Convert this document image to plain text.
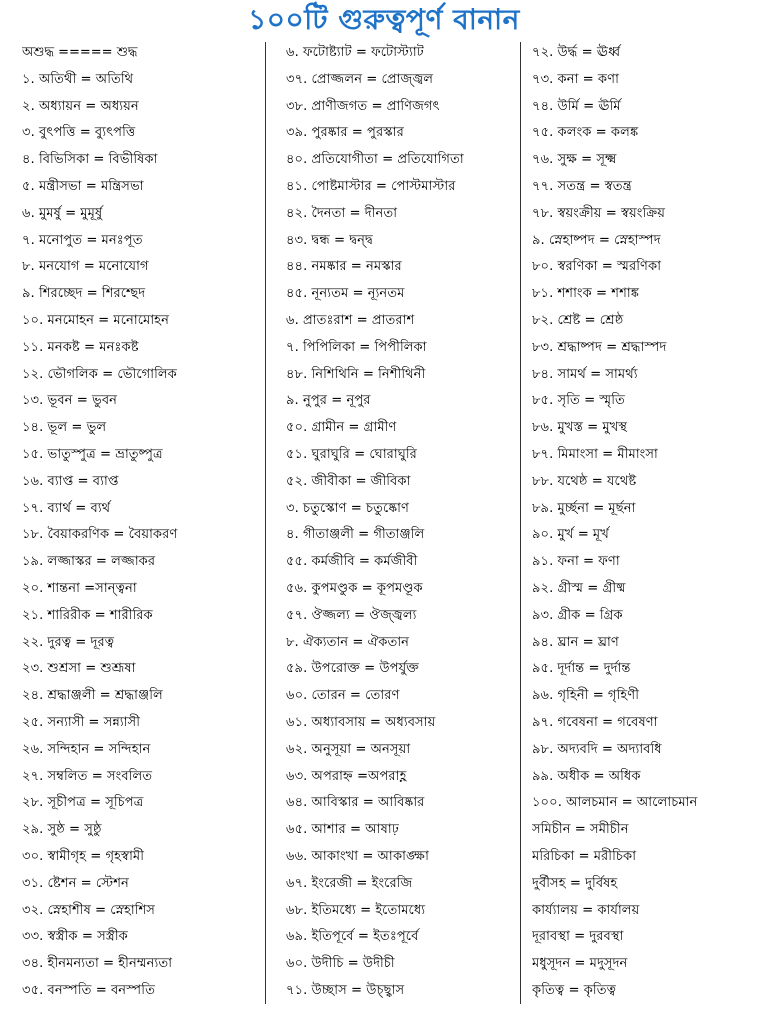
১০০টি গুরুত্বপূর্ণ বানান
অশুদ্ধ ===== শুদ্ধ
১. অতিথী = অতিথি
২. অধ্যায়ন = অধ্যয়ন
৩. বুৎপত্তি = ব্যুৎপত্তি
৪. বিভিসিকা = বিভীষিকা
৫. মন্ত্রীসভা = মন্ত্রিসভা
৬. মুমর্ষু = মুমূর্ষু
৭. মনোপুত = মনঃপূত
৮. মনযোগ = মনোযোগ
৯. শিরচ্ছেদ = শিরশ্ছেদ
১০. মনমোহন = মনোমোহন
১১. মনকষ্ট = মনঃকষ্ট
১২. ভৌগলিক = ভৌগোলিক
১৩. ভূবন = ভুবন
১৪. ভূল = ভুল
১৫. ভাতুস্পুত্র = ভ্রাতুষ্পুত্র
১৬. ব্যাপ্ত = ব্যাপ্ত
১৭. ব্যার্থ = ব্যর্থ
১৮. বৈয়াকরণিক = বৈয়াকরণ
১৯. লজ্জাস্কর = লজ্জাকর
২০. শান্তনা =সান্ত্বনা
২১. শারিরীক = শারীরিক
২২. দুরত্ব = দূরত্ব
২৩. শুশ্রসা = শুশ্রূষা
২৪. শ্রদ্ধাঞ্জলী = শ্রদ্ধাঞ্জলি
২৫. সন্যাসী = সন্ন্যাসী
২৬. সন্দিহান = সন্দিহান
২৭. সম্বলিত = সংবলিত
২৮. সূচীপত্র = সূচিপত্র
২৯. সুষ্ঠ = সুষ্ঠু
৩০. স্বামীগৃহ = গৃহস্বামী
৩১. ষ্টেশন = স্টেশন
৩২. স্নেহাশীষ = স্নেহাশিস
৩৩. স্বস্ত্রীক = সস্ত্রীক
৩৪. হীনমন্যতা = হীনম্মন্যতা
৩৫. বনস্পতি = বনস্পতি
৬. ফটোষ্ট্যাট = ফটোস্ট্যাট
৩৭. প্রোজ্জলন = প্রোজ্জ্বল
৩৮. প্রাণীজগত = প্রাণিজগৎ
৩৯. পুরষ্কার = পুরস্কার
৪০. প্রতিযোগীতা = প্রতিযোগিতা
৪১. পোষ্টমাস্টার = পোস্টমাস্টার
৪২. দৈনতা = দীনতা
৪৩. দ্বন্ধ = দ্বন্দ্ব
৪৪. নমষ্কার = নমস্কার
৪৫. নূন্যতম = ন্যূনতম
৬. প্রাতঃরাশ = প্রাতরাশ
৭. পিপিলিকা = পিপীলিকা
৪৮. নিশিথিনি = নিশীথিনী
৯. নুপুর = নূপুর
৫০. গ্রামীন = গ্রামীণ
৫১. ঘুরাঘুরি = ঘোরাঘুরি
৫২. জীবীকা = জীবিকা
৩. চতুস্কোণ = চতুষ্কোণ
৪. গীতাঞ্জলী = গীতাঞ্জলি
৫৫. কর্মজীবি = কর্মজীবী
৫৬. কুপমণ্ডুক = কূপমণ্ডূক
৫৭. ঔজ্জল্য = ঔজ্জ্বল্য
৮. ঐক্যতান = ঐকতান
৫৯. উপরোক্ত = উপর্যুক্ত
৬০. তোরন = তোরণ
৬১. অধ্যাবসায় = অধ্যবসায়
৬২. অনুসূয়া = অনসূয়া
৬৩. অপরাহ্ন =অপরাহ্ণ
৬৪. আবিস্কার = আবিষ্কার
৬৫. আশার = আষাঢ়
৬৬. আকাংখা = আকাঙ্ক্ষা
৬৭. ইংরেজী = ইংরেজি
৬৮. ইতিমধ্যে = ইতোমধ্যে
৬৯. ইতিপূর্বে = ইতঃপূর্বে
৬০. উদীচি = উদীচী
৭১. উচ্ছাস = উচ্ছ্বাস
৭২. উর্দ্ধ = ঊর্ধ্ব
৭৩. কনা = কণা
৭৪. উর্মি = ঊর্মি
৭৫. কলংক = কলঙ্ক
৭৬. সুক্ষ = সূক্ষ্ম
৭৭. সতন্ত্র = স্বতন্ত্র
৭৮. স্বয়ংক্রীয় = স্বয়ংক্রিয়
৯. স্নেহাষ্পদ = স্নেহাস্পদ
৮০. স্বরণিকা = স্মরণিকা
৮১. শশাংক = শশাঙ্ক
৮২. শ্রেষ্ট = শ্রেষ্ঠ
৮৩. শ্রদ্ধাষ্পদ = শ্রদ্ধাস্পদ
৮৪. সামর্থ = সামর্থ্য
৮৫. সৃতি = স্মৃতি
৮৬. মুখস্ত = মুখস্থ
৮৭. মিমাংসা = মীমাংসা
৮৮. যথেষ্ঠ = যথেষ্ট
৮৯. মুর্চ্ছনা = মূর্ছনা
৯০. মুর্খ = মূর্খ
৯১. ফনা = ফণা
৯২. গ্রীস্ম = গ্রীষ্ম
৯৩. গ্রীক = গ্রিক
৯৪. ঘ্রান = ঘ্রাণ
৯৫. দূর্দান্ত = দুর্দান্ত
৯৬. গৃহিনী = গৃহিণী
৯৭. গবেষনা = গবেষণা
৯৮. অদ্যবদি = অদ্যাবধি
৯৯. অধীক = অধিক
১০০. আলচমান = আলোচমান
সমিচীন = সমীচীন
মরিচিকা = মরীচিকা
দুর্বীসহ = দুর্বিষহ
কার্য্যালয় = কার্যালয়
দূরাবস্থা = দুরবস্থা
মধুসূদন = মদুসূদন
কৃতিত্ব = কৃতিত্ব
